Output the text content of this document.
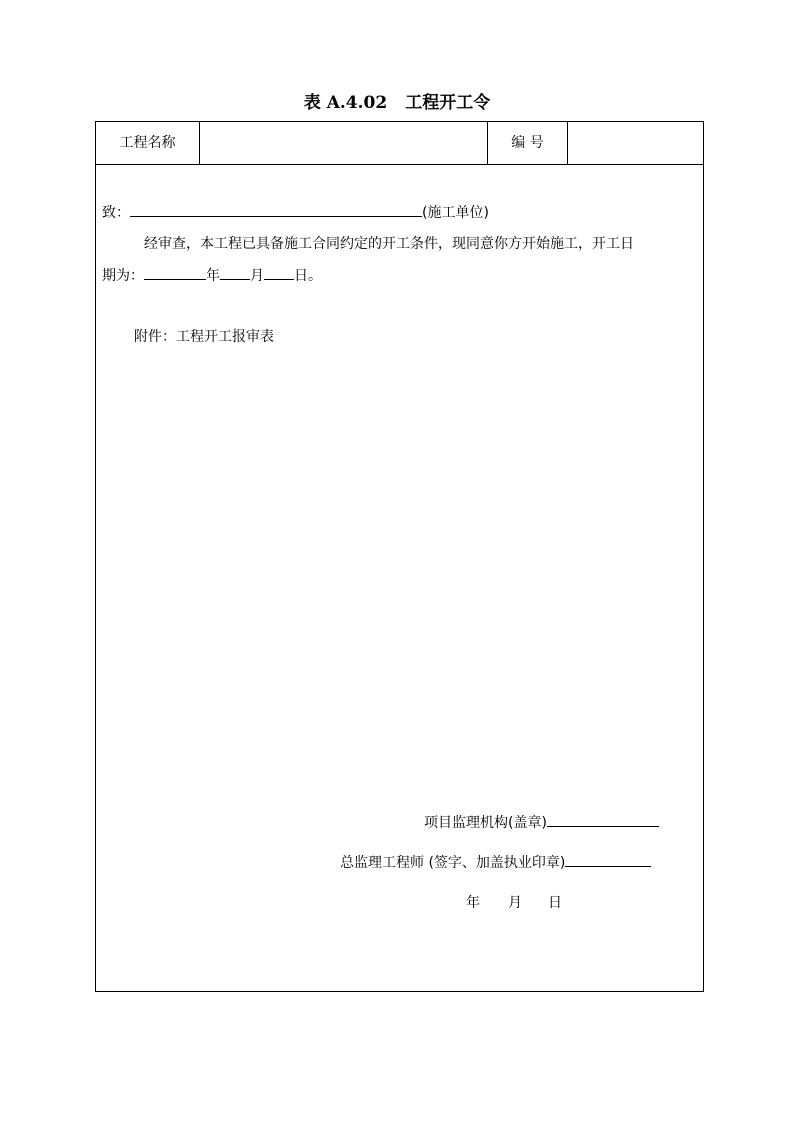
表 A.4.02 工程开工令
工程名称	编 号
致：	(施工单位)
经审查，本工程已具备施工合同约定的开工条件，现同意你方开始施工，开工日
期为：	年 月 日。
附件：工程开工报审表
项目监理机构(盖章)
总监理工程师 (签字、加盖执业印章)
年 月 日
